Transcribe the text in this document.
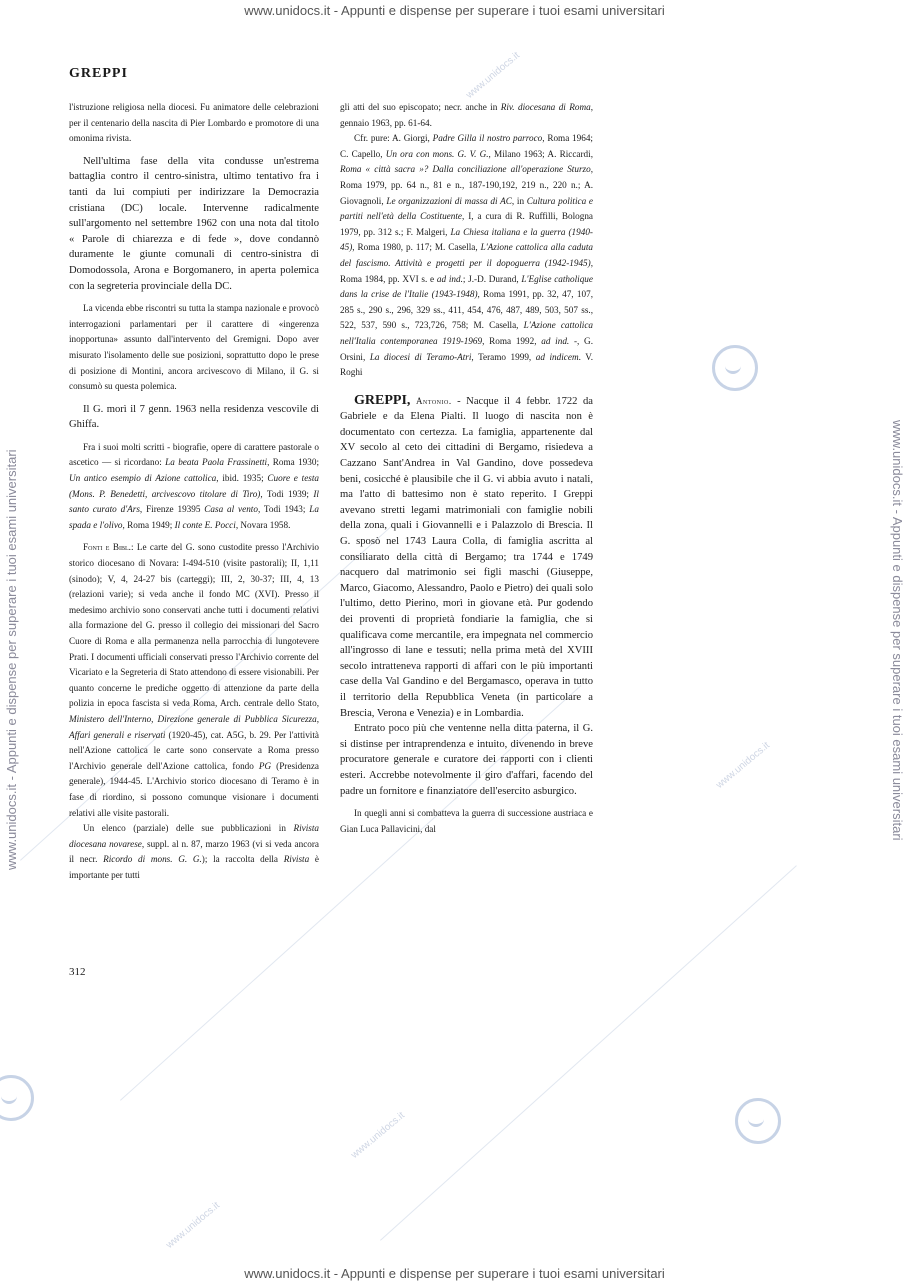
www.unidocs.it - Appunti e dispense per superare i tuoi esami universitari
www.unidocs.it - Appunti e dispense per superare i tuoi esami universitari
www.unidocs.it - Appunti e dispense per superare i tuoi esami universitari	www.unidocs.it - Appunti e dispense per superare i tuoi esami universitari
www.unidocs.it
www.unidocs.it
www.unidocs.it
www.unidocs.it
GREPPI

l'istruzione religiosa nella diocesi. Fu animatore delle celebrazioni per il centenario della nascita di Pier Lombardo e promotore di una omonima rivista.

Nell'ultima fase della vita condusse un'estrema battaglia contro il centro-sinistra, ultimo tentativo fra i tanti da lui compiuti per indirizzare la Democrazia cristiana (DC) locale. Intervenne radicalmente sull'argomento nel settembre 1962 con una nota dal titolo « Parole di chiarezza e di fede », dove condannò duramente le giunte comunali di centro-sinistra di Domodossola, Arona e Borgomanero, in aperta polemica con la segreteria provinciale della DC.

La vicenda ebbe riscontri su tutta la stampa nazionale e provocò interrogazioni parlamentari per il carattere di «ingerenza inopportuna» assunto dall'intervento del Gremigni. Dopo aver misurato l'isolamento delle sue posizioni, soprattutto dopo le prese di posizione di Montini, ancora arcivescovo di Milano, il G. si consumò su questa polemica.

Il G. morì il 7 genn. 1963 nella residenza vescovile di Ghiffa.

Fra i suoi molti scritti - biografie, opere di carattere pastorale o ascetico — si ricordano: La beata Paola Frassinetti, Roma 1930; Un antico esempio di Azione cattolica, ibid. 1935; Cuore e testa (Mons. P. Benedetti, arcivescovo titolare di Tiro), Todi 1939; Il santo curato d'Ars, Firenze 19395 Casa al vento, Todi 1943; La spada e l'olivo, Roma 1949; Il conte E. Pocci, Novara 1958.

Fonti e Bibl.: Le carte del G. sono custodite presso l'Archivio storico diocesano di Novara: I-494-510 (visite pastorali); II, 1,11 (sinodo); V, 4, 24-27 bis (carteggi); III, 2, 30-37; III, 4, 13 (relazioni varie); si veda anche il fondo MC (XVI). Presso il medesimo archivio sono conservati anche tutti i documenti relativi alla formazione del G. presso il collegio dei missionari del Sacro Cuore di Roma e alla permanenza nella parrocchia di lungotevere Prati. I documenti ufficiali conservati presso l'Archivio corrente del Vicariato e la Segreteria di Stato attendono di essere visionabili. Per quanto concerne le prediche oggetto di attenzione da parte della polizia in epoca fascista si veda Roma, Arch. centrale dello Stato, Ministero dell'Interno, Direzione generale di Pubblica Sicurezza, Affari generali e riservati (1920-45), cat. A5G, b. 29. Per l'attività nell'Azione cattolica le carte sono conservate a Roma presso l'Archivio generale dell'Azione cattolica, fondo PG (Presidenza generale), 1944-45. L'Archivio storico diocesano di Teramo è in fase di riordino, si possono comunque visionare i documenti relativi alle visite pastorali.

Un elenco (parziale) delle sue pubblicazioni in Rivista diocesana novarese, suppl. al n. 87, marzo 1963 (vi si veda ancora il necr. Ricordo di mons. G. G.); la raccolta della Rivista è importante per tutti

gli atti del suo episcopato; necr. anche in Riv. diocesana di Roma, gennaio 1963, pp. 61-64.

Cfr. pure: A. Giorgi, Padre Gilla il nostro parroco, Roma 1964; C. Capello, Un ora con mons. G. V. G., Milano 1963; A. Riccardi, Roma « città sacra »? Dalla conciliazione all'operazione Sturzo, Roma 1979, pp. 64 n., 81 e n., 187-190,192, 219 n., 220 n.; A. Giovagnoli, Le organizzazioni di massa di AC, in Cultura politica e partiti nell'età della Costituente, I, a cura di R. Ruffilli, Bologna 1979, pp. 312 s.; F. Malgeri, La Chiesa italiana e la guerra (1940-45), Roma 1980, p. 117; M. Casella, L'Azione cattolica alla caduta del fascismo. Attività e progetti per il dopoguerra (1942-1945), Roma 1984, pp. XVI s. e ad ind.; J.-D. Durand, L'Eglise catholique dans la crise de l'Italie (1943-1948), Roma 1991, pp. 32, 47, 107, 285 s., 290 s., 296, 329 ss., 411, 454, 476, 487, 489, 503, 507 ss., 522, 537, 590 s., 723,726, 758; M. Casella, L'Azione cattolica nell'Italia contemporanea 1919-1969, Roma 1992, ad ind. -, G. Orsini, La diocesi di Teramo-Atri, Teramo 1999, ad indicem. V. Roghi

GREPPI, Antonio. - Nacque il 4 febbr. 1722 da Gabriele e da Elena Pialti. Il luogo di nascita non è documentato con certezza. La famiglia, appartenente dal XV secolo al ceto dei cittadini di Bergamo, risiedeva a Cazzano Sant'Andrea in Val Gandino, dove possedeva beni, cosicché è plausibile che il G. vi abbia avuto i natali, ma l'atto di battesimo non è stato reperito. I Greppi avevano stretti legami matrimoniali con famiglie nobili della zona, quali i Giovannelli e i Palazzolo di Brescia. Il G. sposò nel 1743 Laura Colla, di famiglia ascritta al consiliarato della città di Bergamo; tra 1744 e 1749 nacquero dal matrimonio sei figli maschi (Giuseppe, Marco, Giacomo, Alessandro, Paolo e Pietro) dei quali solo l'ultimo, detto Pierino, morì in giovane età. Pur godendo dei proventi di proprietà fondiarie la famiglia, che si qualificava come mercantile, era impegnata nel commercio all'ingrosso di lane e tessuti; nella prima metà del XVIII secolo intratteneva rapporti di affari con le più importanti case della Val Gandino e del Bergamasco, operava in tutto il territorio della Repubblica Veneta (in particolare a Brescia, Verona e Venezia) e in Lombardia.

Entrato poco più che ventenne nella ditta paterna, il G. si distinse per intraprendenza e intuito, divenendo in breve procuratore generale e curatore dei rapporti con i clienti esteri. Accrebbe notevolmente il giro d'affari, facendo del padre un fornitore e finanziatore dell'esercito asburgico.

In quegli anni si combatteva la guerra di successione austriaca e Gian Luca Pallavicini, dal

312
